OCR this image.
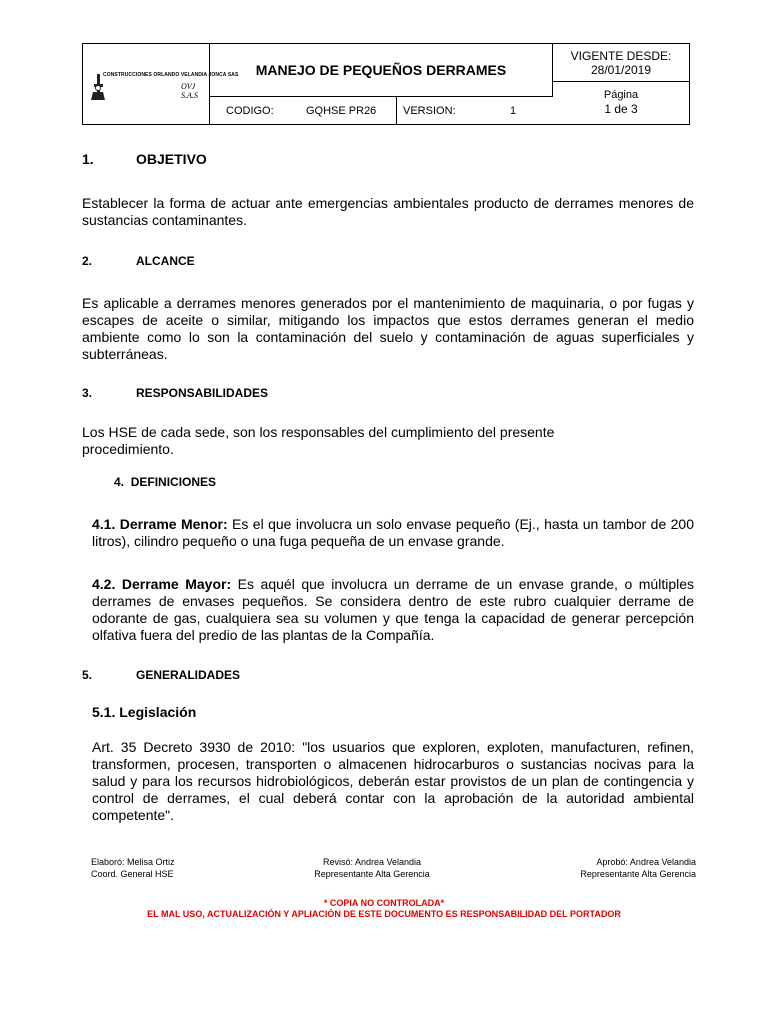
CONSTRUCCIONES ORLANDO VELANDIA JONCA SAS
OVJ S.A.S
MANEJO DE PEQUEÑOS DERRAMES
VIGENTE DESDE:
28/01/2019
Página
1 de 3
CODIGO:	GQHSE PR26 VERSION:	1
1.	OBJETIVO
Establecer la forma de actuar ante emergencias ambientales producto de derrames menores de sustancias contaminantes.
2.	ALCANCE
Es aplicable a derrames menores generados por el mantenimiento de maquinaria, o por fugas y escapes de aceite o similar, mitigando los impactos que estos derrames generan el medio ambiente como lo son la contaminación del suelo y contaminación de aguas superficiales y subterráneas.
3.	RESPONSABILIDADES
Los HSE de cada sede, son los responsables del cumplimiento del presente procedimiento.
4. DEFINICIONES
4.1. Derrame Menor: Es el que involucra un solo envase pequeño (Ej., hasta un tambor de 200 litros), cilindro pequeño o una fuga pequeña de un envase grande.
4.2. Derrame Mayor: Es aquél que involucra un derrame de un envase grande, o múltiples derrames de envases pequeños. Se considera dentro de este rubro cualquier derrame de odorante de gas, cualquiera sea su volumen y que tenga la capacidad de generar percepción olfativa fuera del predio de las plantas de la Compañía.
5.	GENERALIDADES
5.1. Legislación
Art. 35 Decreto 3930 de 2010: "los usuarios que exploren, exploten, manufacturen, refinen, transformen, procesen, transporten o almacenen hidrocarburos o sustancias nocivas para la salud y para los recursos hidrobiológicos, deberán estar provistos de un plan de contingencia y control de derrames, el cual deberá contar con la aprobación de la autoridad ambiental competente".
Elaboró: Melisa Ortiz
Coord. General HSE
Revisó: Andrea Velandia
Representante Alta Gerencia
Aprobó: Andrea Velandia
Representante Alta Gerencia
* COPIA NO CONTROLADA*
EL MAL USO, ACTUALIZACIÓN Y APLIACIÓN DE ESTE DOCUMENTO ES RESPONSABILIDAD DEL PORTADOR
